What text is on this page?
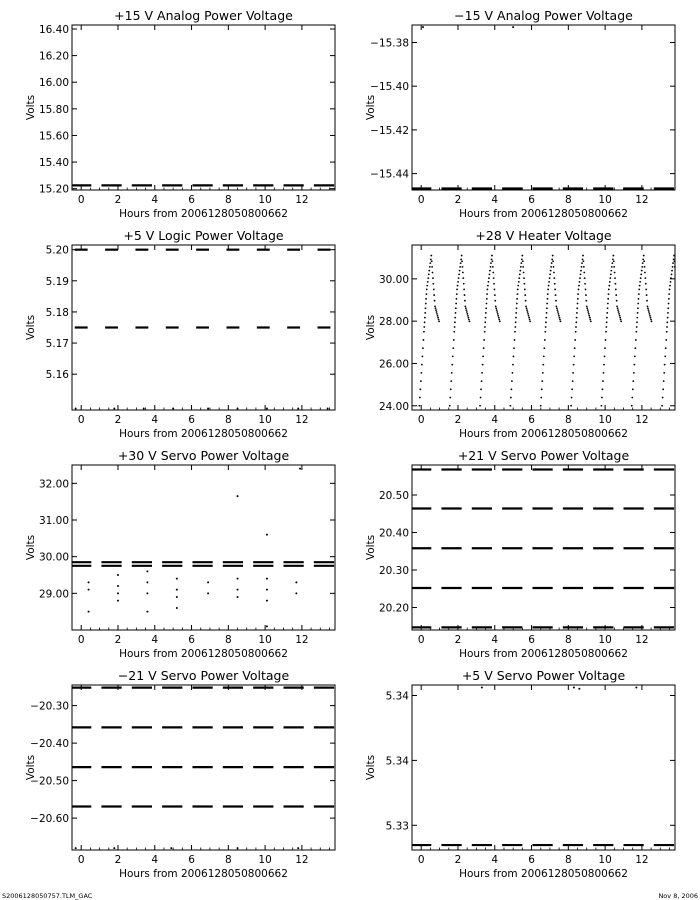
+15 V Analog Power Voltage
0	2	4	6	8	10 12
15.20
15.40
15.60
15.80
16.00
16.20
16.40
Hours from 2006128050800662
Volts
−15 V Analog Power Voltage
0	2	4	6	8	10 12
−15.44
−15.42
−15.40
−15.38
Hours from 2006128050800662
Volts
+5 V Logic Power Voltage
0	2	4	6	8	10 12
5.16
5.17
5.18
5.19
5.20
Hours from 2006128050800662
Volts
+28 V Heater Voltage
0	2	4	6	8	10 12
24.00
26.00
28.00
30.00
Hours from 2006128050800662
Volts
+30 V Servo Power Voltage
0	2	4	6	8	10 12
29.00
30.00
31.00
32.00
Hours from 2006128050800662
Volts
+21 V Servo Power Voltage
0	2	4	6	8	10 12
20.20
20.30
20.40
20.50
Hours from 2006128050800662
Volts
−21 V Servo Power Voltage
0	2	4	6	8	10 12
−20.60
−20.50
−20.40
−20.30
Hours from 2006128050800662
Volts
+5 V Servo Power Voltage
0	2	4	6	8	10 12
5.33
5.34
5.34
Hours from 2006128050800662
Volts
S2006128050757.TLM_GAC	Nov 8, 2006
